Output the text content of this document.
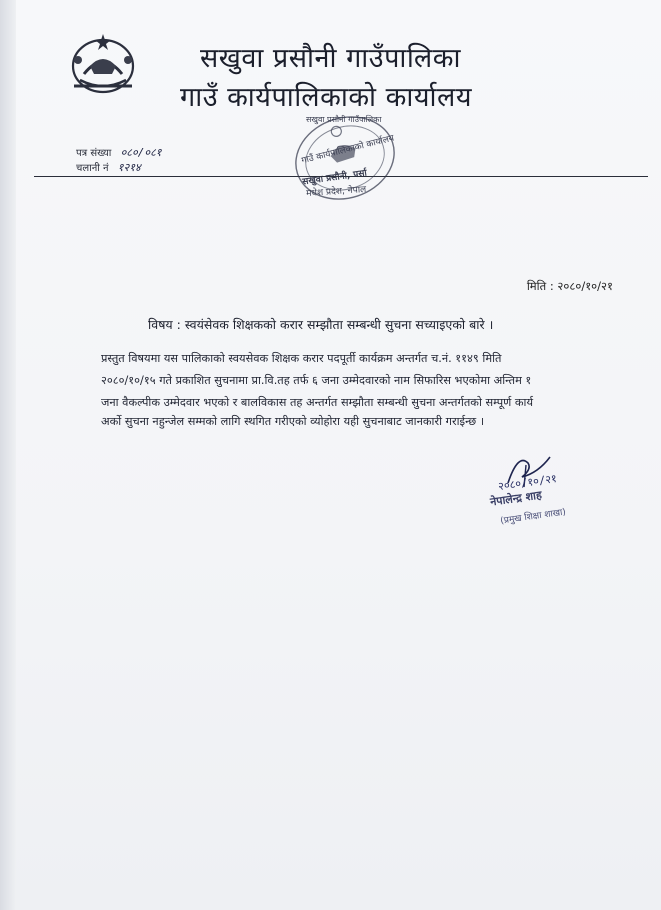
सखुवा प्रसौनी गाउँपालिका
गाउँ कार्यपालिकाको कार्यालय
सखुवा प्रसौनी गाउँपालिका
गाउँ कार्यपालिकाको कार्यालय
सखुवा प्रसौनी, पर्सा
मधेश प्रदेश, नेपाल
पत्र संख्या ०८०/०८१
चलानी नं १२१४
मिति : २०८०/१०/२१
विषय : स्वयंसेवक शिक्षकको करार सम्झौता सम्बन्धी सुचना सच्याइएको बारे ।
प्रस्तुत विषयमा यस पालिकाको स्वयसेवक शिक्षक करार पदपूर्ती कार्यक्रम अन्तर्गत च.नं. ११४९ मिति
२०८०/१०/१५ गते प्रकाशित सुचनामा प्रा.वि.तह तर्फ ६ जना उम्मेदवारको नाम सिफारिस भएकोमा अन्तिम १
जना वैकल्पीक उम्मेदवार भएको र बालविकास तह अन्तर्गत सम्झौता सम्बन्धी सुचना अन्तर्गतको सम्पूर्ण कार्य
अर्को सुचना नहुन्जेल सम्मको लागि स्थगित गरीएको व्योहोरा यही सुचनाबाट जानकारी गराईन्छ ।
२०८०/१०/२१
नेपालेन्द्र शाह
(प्रमुख शिक्षा शाखा)
